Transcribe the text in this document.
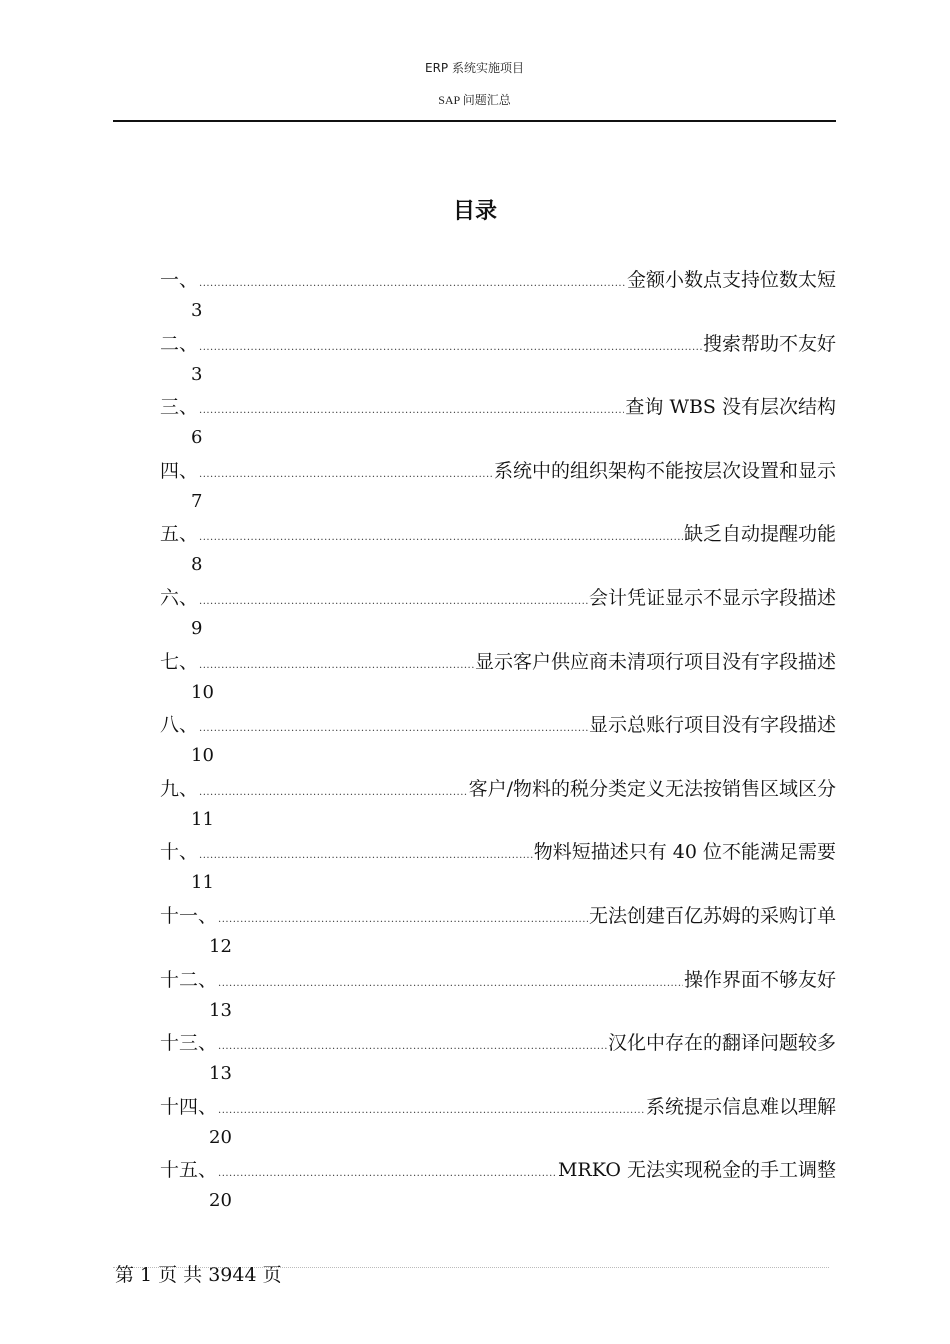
ERP 系统实施项目
SAP 问题汇总
目录
一、 .....	金额小数点支持位数太短
3
二、 .....	搜索帮助不友好
3
三、 .....	查询 WBS 没有层次结构
6
四、 .....	系统中的组织架构不能按层次设置和显示
7
五、 .....	缺乏自动提醒功能
8
六、 .....	会计凭证显示不显示字段描述
9
七、 .....	显示客户供应商未清项行项目没有字段描述
10
八、 .....	显示总账行项目没有字段描述
10
九、 .....	客户/物料的税分类定义无法按销售区域区分
11
十、 .....	物料短描述只有 40 位不能满足需要
11
十一、 .....	无法创建百亿苏姆的采购订单
12
十二、 .....	操作界面不够友好
13
十三、 .....	汉化中存在的翻译问题较多
13
十四、 .....	系统提示信息难以理解
20
十五、 .....	MRKO 无法实现税金的手工调整
20
第 1 页 共 3944 页
